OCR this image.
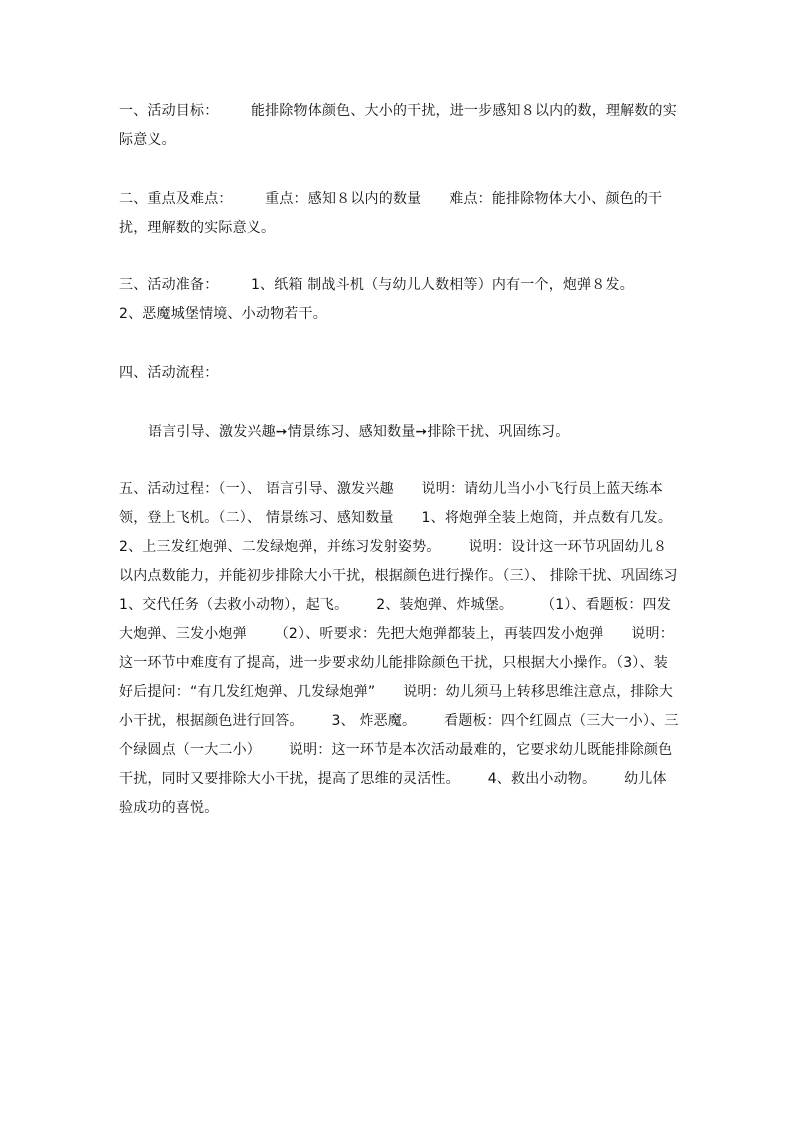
一、活动目标：       能排除物体颜色、大小的干扰，进一步感知８以内的数，理解数的实际意义。

二、重点及难点：       重点：感知８以内的数量      难点：能排除物体大小、颜色的干扰，理解数的实际意义。

三、活动准备：       1、纸箱 制战斗机（与幼儿人数相等）内有一个，炮弹８发。      2、恶魔城堡情境、小动物若干。

四、活动流程：

语言引导、激发兴趣➙情景练习、感知数量➙排除干扰、巩固练习。

五、活动过程：（一）、 语言引导、激发兴趣      说明：请幼儿当小小飞行员上蓝天练本领，登上飞机。（二）、 情景练习、感知数量      1、将炮弹全装上炮筒，并点数有几发。2、上三发红炮弹、二发绿炮弹，并练习发射姿势。      说明：设计这一环节巩固幼儿８以内点数能力，并能初步排除大小干扰，根据颜色进行操作。（三）、 排除干扰、巩固练习 1、交代任务（去救小动物），起飞。      2、装炮弹、炸城堡。      （1）、看题板：四发大炮弹、三发小炮弹      （2）、听要求：先把大炮弹都装上，再装四发小炮弹      说明：这一环节中难度有了提高，进一步要求幼儿能排除颜色干扰，只根据大小操作。（3）、装好后提问：“有几发红炮弹、几发绿炮弹”      说明：幼儿须马上转移思维注意点，排除大小干扰，根据颜色进行回答。      3、 炸恶魔。      看题板：四个红圆点（三大一小）、三个绿圆点（一大二小）      说明：这一环节是本次活动最难的，它要求幼儿既能排除颜色干扰，同时又要排除大小干扰，提高了思维的灵活性。      4、救出小动物。      幼儿体验成功的喜悦。
